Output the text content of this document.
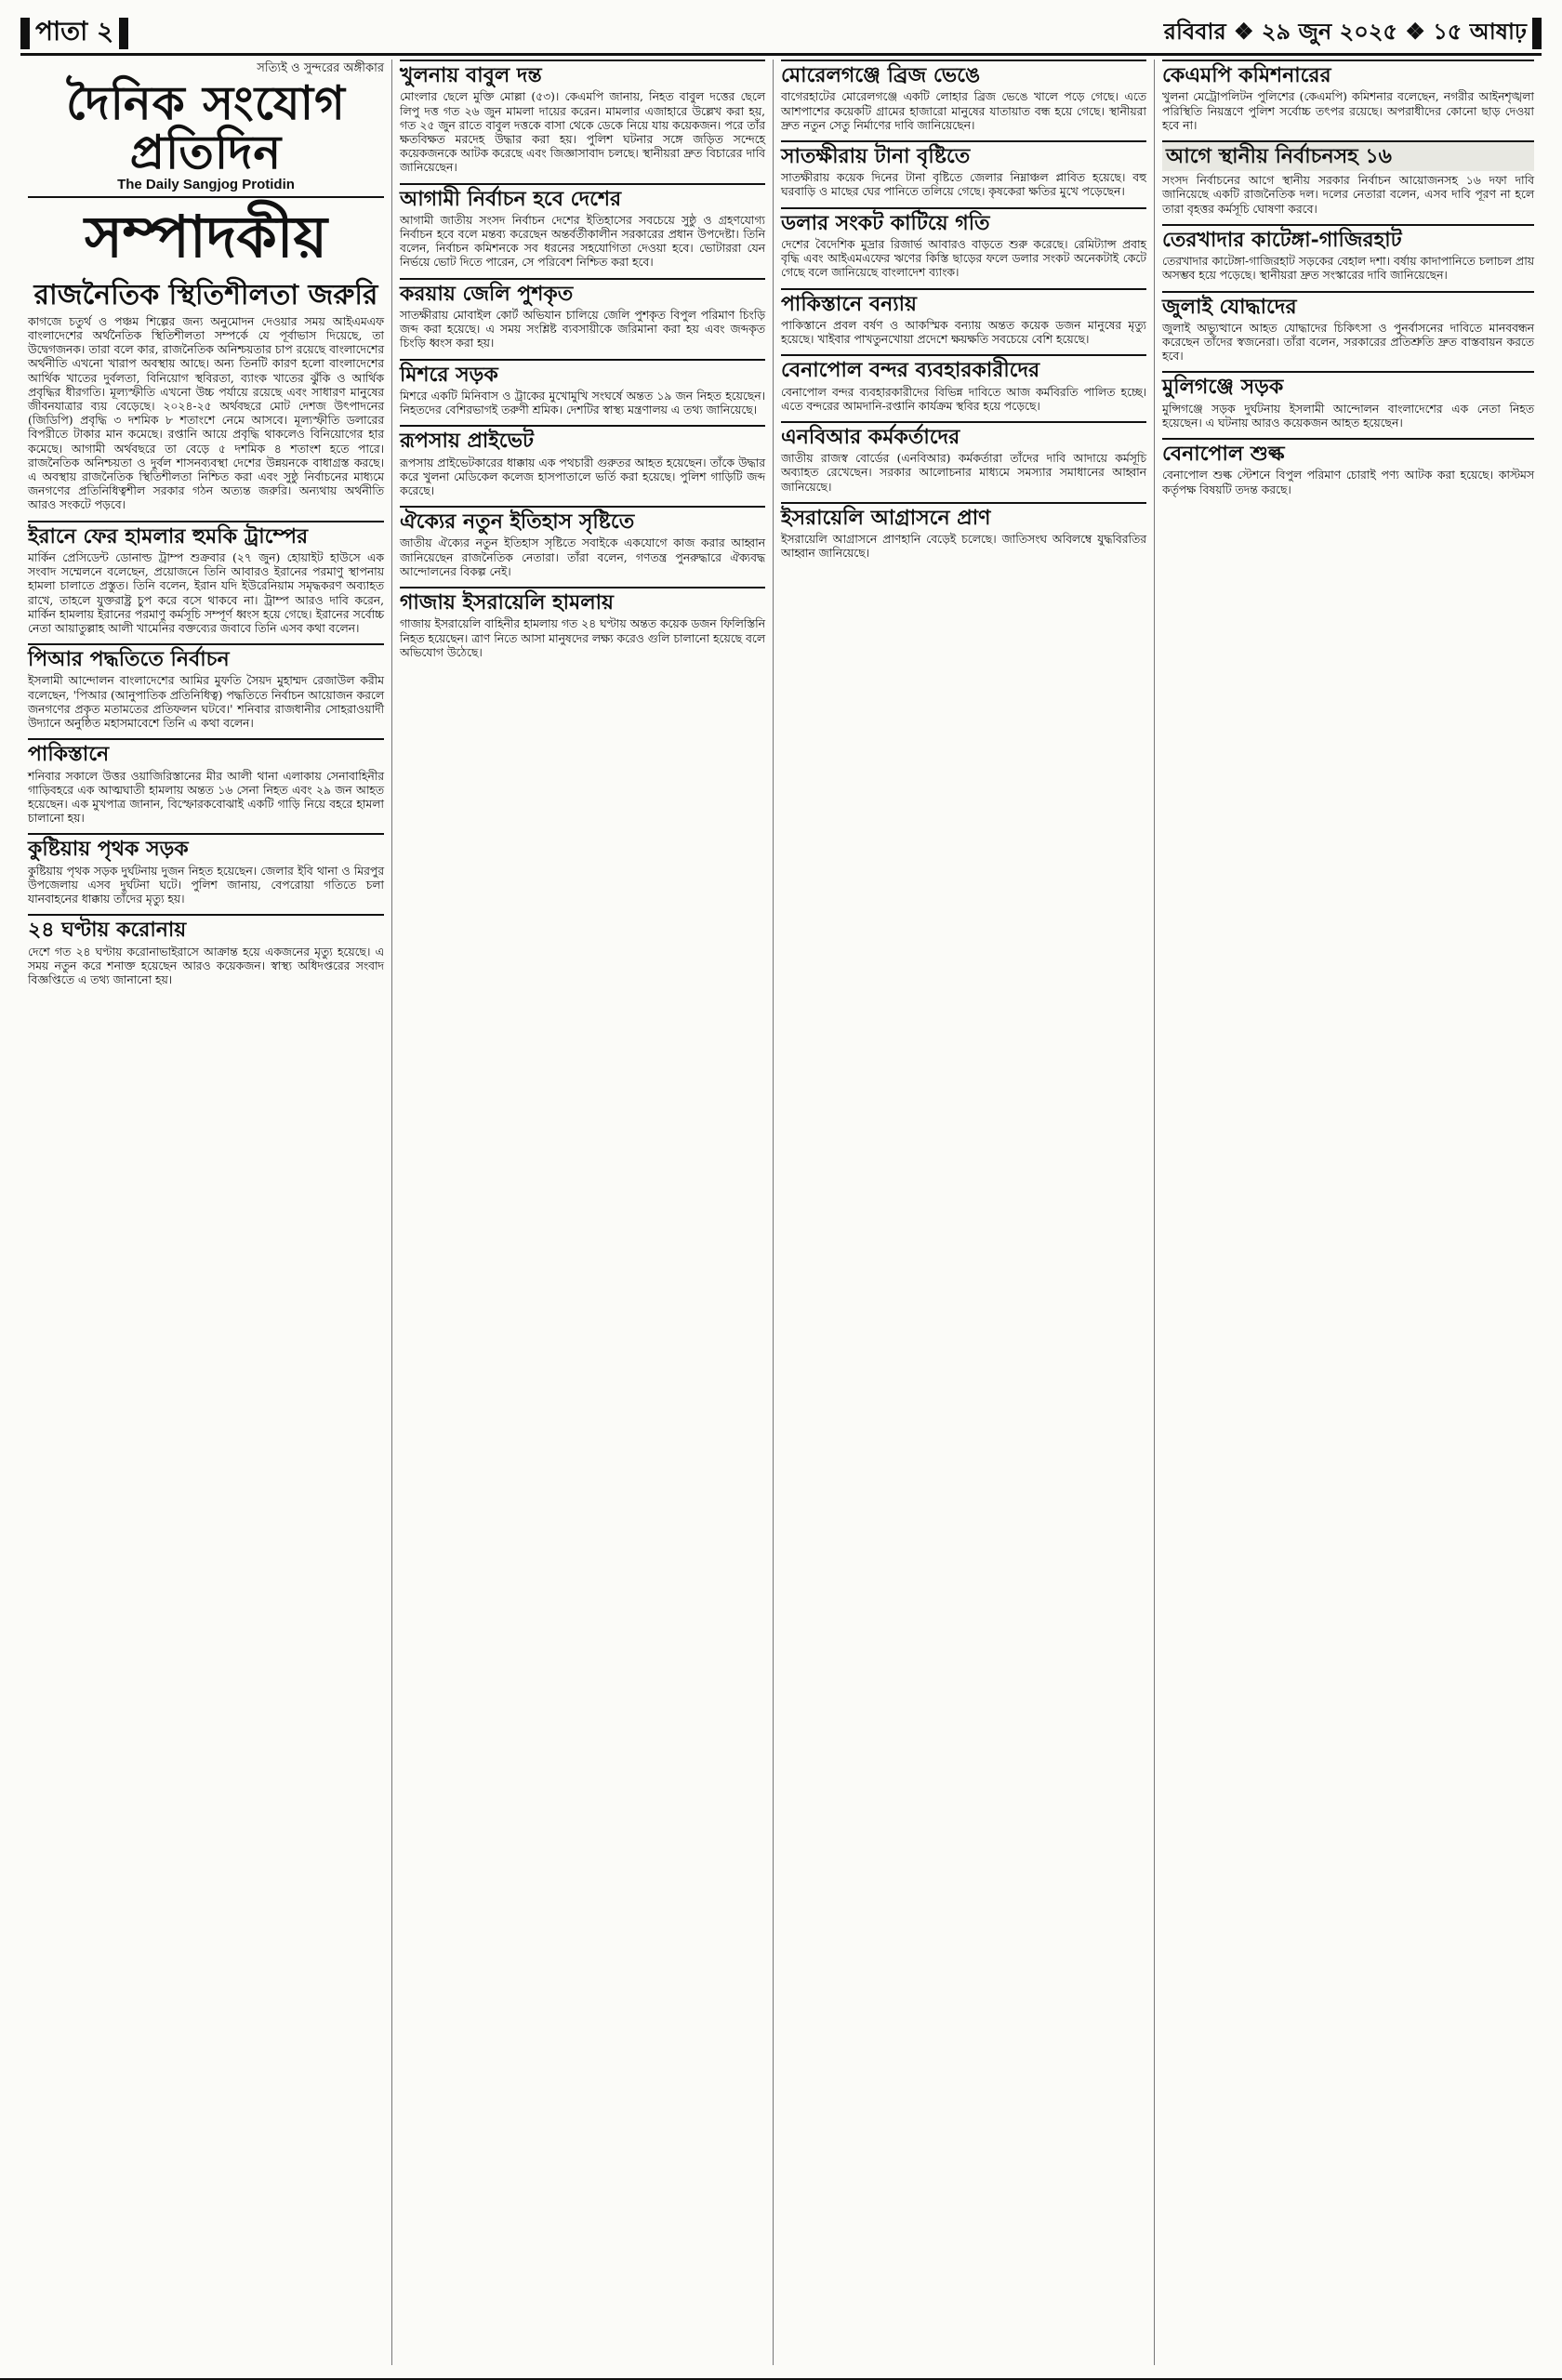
পাতা ২	রবিবার ❖ ২৯ জুন ২০২৫ ❖ ১৫ আষাঢ়
সত্যিই ও সুন্দরের অঙ্গীকার
দৈনিক সংযোগ প্রতিদিন
The Daily Sangjog Protidin
সম্পাদকীয়
রাজনৈতিক স্থিতিশীলতা জরুরি
কাগজে চতুর্থ ও পঞ্চম শিল্পের জন্য অনুমোদন দেওয়ার সময় আইএমএফ বাংলাদেশের অর্থনৈতিক স্থিতিশীলতা সম্পর্কে যে পূর্বাভাস দিয়েছে, তা উদ্বেগজনক। তারা বলে কার, রাজনৈতিক অনিশ্চয়তার চাপ রয়েছে বাংলাদেশের অর্থনীতি এখনো খারাপ অবস্থায় আছে। অন্য তিনটি কারণ হলো বাংলাদেশের আর্থিক খাতের দুর্বলতা, বিনিয়োগ স্থবিরতা, ব্যাংক খাতের ঝুঁকি ও আর্থিক প্রবৃদ্ধির ধীরগতি। মূল্যস্ফীতি এখনো উচ্চ পর্যায়ে রয়েছে এবং সাধারণ মানুষের জীবনযাত্রার ব্যয় বেড়েছে। ২০২৪-২৫ অর্থবছরে মোট দেশজ উৎপাদনের (জিডিপি) প্রবৃদ্ধি ৩ দশমিক ৮ শতাংশে নেমে আসবে। মূল্যস্ফীতি ডলারের বিপরীতে টাকার মান কমেছে। রপ্তানি আয়ে প্রবৃদ্ধি থাকলেও বিনিয়োগের হার কমেছে। আগামী অর্থবছরে তা বেড়ে ৫ দশমিক ৪ শতাংশ হতে পারে। রাজনৈতিক অনিশ্চয়তা ও দুর্বল শাসনব্যবস্থা দেশের উন্নয়নকে বাধাগ্রস্ত করছে। এ অবস্থায় রাজনৈতিক স্থিতিশীলতা নিশ্চিত করা এবং সুষ্ঠু নির্বাচনের মাধ্যমে জনগণের প্রতিনিধিত্বশীল সরকার গঠন অত্যন্ত জরুরি। অন্যথায় অর্থনীতি আরও সংকটে পড়বে।
ইরানে ফের হামলার হুমকি ট্রাম্পের
মার্কিন প্রেসিডেন্ট ডোনাল্ড ট্রাম্প শুক্রবার (২৭ জুন) হোয়াইট হাউসে এক সংবাদ সম্মেলনে বলেছেন, প্রয়োজনে তিনি আবারও ইরানের পরমাণু স্থাপনায় হামলা চালাতে প্রস্তুত। তিনি বলেন, ইরান যদি ইউরেনিয়াম সমৃদ্ধকরণ অব্যাহত রাখে, তাহলে যুক্তরাষ্ট্র চুপ করে বসে থাকবে না। ট্রাম্প আরও দাবি করেন, মার্কিন হামলায় ইরানের পরমাণু কর্মসূচি সম্পূর্ণ ধ্বংস হয়ে গেছে। ইরানের সর্বোচ্চ নেতা আয়াতুল্লাহ আলী খামেনির বক্তব্যের জবাবে তিনি এসব কথা বলেন।
পিআর পদ্ধতিতে নির্বাচন
ইসলামী আন্দোলন বাংলাদেশের আমির মুফতি সৈয়দ মুহাম্মদ রেজাউল করীম বলেছেন, 'পিআর (আনুপাতিক প্রতিনিধিত্ব) পদ্ধতিতে নির্বাচন আয়োজন করলে জনগণের প্রকৃত মতামতের প্রতিফলন ঘটবে।' শনিবার রাজধানীর সোহরাওয়ার্দী উদ্যানে অনুষ্ঠিত মহাসমাবেশে তিনি এ কথা বলেন।
পাকিস্তানে
শনিবার সকালে উত্তর ওয়াজিরিস্তানের মীর আলী থানা এলাকায় সেনাবাহিনীর গাড়িবহরে এক আত্মঘাতী হামলায় অন্তত ১৬ সেনা নিহত এবং ২৯ জন আহত হয়েছেন। এক মুখপাত্র জানান, বিস্ফোরকবোঝাই একটি গাড়ি নিয়ে বহরে হামলা চালানো হয়।
কুষ্টিয়ায় পৃথক সড়ক
কুষ্টিয়ায় পৃথক সড়ক দুর্ঘটনায় দুজন নিহত হয়েছেন। জেলার ইবি থানা ও মিরপুর উপজেলায় এসব দুর্ঘটনা ঘটে। পুলিশ জানায়, বেপরোয়া গতিতে চলা যানবাহনের ধাক্কায় তাঁদের মৃত্যু হয়।
২৪ ঘণ্টায় করোনায়
দেশে গত ২৪ ঘণ্টায় করোনাভাইরাসে আক্রান্ত হয়ে একজনের মৃত্যু হয়েছে। এ সময় নতুন করে শনাক্ত হয়েছেন আরও কয়েকজন। স্বাস্থ্য অধিদপ্তরের সংবাদ বিজ্ঞপ্তিতে এ তথ্য জানানো হয়।
খুলনায় বাবুল দন্ত
মোংলার ছেলে মুক্তি মোল্লা (৫৩)। কেএমপি জানায়, নিহত বাবুল দত্তের ছেলে লিপু দত্ত গত ২৬ জুন মামলা দায়ের করেন। মামলার এজাহারে উল্লেখ করা হয়, গত ২৫ জুন রাতে বাবুল দত্তকে বাসা থেকে ডেকে নিয়ে যায় কয়েকজন। পরে তাঁর ক্ষতবিক্ষত মরদেহ উদ্ধার করা হয়। পুলিশ ঘটনার সঙ্গে জড়িত সন্দেহে কয়েকজনকে আটক করেছে এবং জিজ্ঞাসাবাদ চলছে। স্থানীয়রা দ্রুত বিচারের দাবি জানিয়েছেন।
আগামী নির্বাচন হবে দেশের
আগামী জাতীয় সংসদ নির্বাচন দেশের ইতিহাসের সবচেয়ে সুষ্ঠু ও গ্রহণযোগ্য নির্বাচন হবে বলে মন্তব্য করেছেন অন্তর্বর্তীকালীন সরকারের প্রধান উপদেষ্টা। তিনি বলেন, নির্বাচন কমিশনকে সব ধরনের সহযোগিতা দেওয়া হবে। ভোটাররা যেন নির্ভয়ে ভোট দিতে পারেন, সে পরিবেশ নিশ্চিত করা হবে।
করয়ায় জেলি পুশকৃত
সাতক্ষীরায় মোবাইল কোর্ট অভিযান চালিয়ে জেলি পুশকৃত বিপুল পরিমাণ চিংড়ি জব্দ করা হয়েছে। এ সময় সংশ্লিষ্ট ব্যবসায়ীকে জরিমানা করা হয় এবং জব্দকৃত চিংড়ি ধ্বংস করা হয়।
মিশরে সড়ক
মিশরে একটি মিনিবাস ও ট্রাকের মুখোমুখি সংঘর্ষে অন্তত ১৯ জন নিহত হয়েছেন। নিহতদের বেশিরভাগই তরুণী শ্রমিক। দেশটির স্বাস্থ্য মন্ত্রণালয় এ তথ্য জানিয়েছে।
রূপসায় প্রাইভেট
রূপসায় প্রাইভেটকারের ধাক্কায় এক পথচারী গুরুতর আহত হয়েছেন। তাঁকে উদ্ধার করে খুলনা মেডিকেল কলেজ হাসপাতালে ভর্তি করা হয়েছে। পুলিশ গাড়িটি জব্দ করেছে।
ঐক্যের নতুন ইতিহাস সৃষ্টিতে
জাতীয় ঐক্যের নতুন ইতিহাস সৃষ্টিতে সবাইকে একযোগে কাজ করার আহ্বান জানিয়েছেন রাজনৈতিক নেতারা। তাঁরা বলেন, গণতন্ত্র পুনরুদ্ধারে ঐক্যবদ্ধ আন্দোলনের বিকল্প নেই।
গাজায় ইসরায়েলি হামলায়
গাজায় ইসরায়েলি বাহিনীর হামলায় গত ২৪ ঘণ্টায় অন্তত কয়েক ডজন ফিলিস্তিনি নিহত হয়েছেন। ত্রাণ নিতে আসা মানুষদের লক্ষ্য করেও গুলি চালানো হয়েছে বলে অভিযোগ উঠেছে।
মোরেলগঞ্জে ব্রিজ ভেঙে
বাগেরহাটের মোরেলগঞ্জে একটি লোহার ব্রিজ ভেঙে খালে পড়ে গেছে। এতে আশপাশের কয়েকটি গ্রামের হাজারো মানুষের যাতায়াত বন্ধ হয়ে গেছে। স্থানীয়রা দ্রুত নতুন সেতু নির্মাণের দাবি জানিয়েছেন।
সাতক্ষীরায় টানা বৃষ্টিতে
সাতক্ষীরায় কয়েক দিনের টানা বৃষ্টিতে জেলার নিম্নাঞ্চল প্লাবিত হয়েছে। বহু ঘরবাড়ি ও মাছের ঘের পানিতে তলিয়ে গেছে। কৃষকেরা ক্ষতির মুখে পড়েছেন।
ডলার সংকট কাটিয়ে গতি
দেশের বৈদেশিক মুদ্রার রিজার্ভ আবারও বাড়তে শুরু করেছে। রেমিট্যান্স প্রবাহ বৃদ্ধি এবং আইএমএফের ঋণের কিস্তি ছাড়ের ফলে ডলার সংকট অনেকটাই কেটে গেছে বলে জানিয়েছে বাংলাদেশ ব্যাংক।
পাকিস্তানে বন্যায়
পাকিস্তানে প্রবল বর্ষণ ও আকস্মিক বন্যায় অন্তত কয়েক ডজন মানুষের মৃত্যু হয়েছে। খাইবার পাখতুনখোয়া প্রদেশে ক্ষয়ক্ষতি সবচেয়ে বেশি হয়েছে।
বেনাপোল বন্দর ব্যবহারকারীদের
বেনাপোল বন্দর ব্যবহারকারীদের বিভিন্ন দাবিতে আজ কর্মবিরতি পালিত হচ্ছে। এতে বন্দরের আমদানি-রপ্তানি কার্যক্রম স্থবির হয়ে পড়েছে।
এনবিআর কর্মকর্তাদের
জাতীয় রাজস্ব বোর্ডের (এনবিআর) কর্মকর্তারা তাঁদের দাবি আদায়ে কর্মসূচি অব্যাহত রেখেছেন। সরকার আলোচনার মাধ্যমে সমস্যার সমাধানের আহ্বান জানিয়েছে।
ইসরায়েলি আগ্রাসনে প্রাণ
ইসরায়েলি আগ্রাসনে প্রাণহানি বেড়েই চলেছে। জাতিসংঘ অবিলম্বে যুদ্ধবিরতির আহ্বান জানিয়েছে।
কেএমপি কমিশনারের
খুলনা মেট্রোপলিটন পুলিশের (কেএমপি) কমিশনার বলেছেন, নগরীর আইনশৃঙ্খলা পরিস্থিতি নিয়ন্ত্রণে পুলিশ সর্বোচ্চ তৎপর রয়েছে। অপরাধীদের কোনো ছাড় দেওয়া হবে না।
আগে স্থানীয় নির্বাচনসহ ১৬
সংসদ নির্বাচনের আগে স্থানীয় সরকার নির্বাচন আয়োজনসহ ১৬ দফা দাবি জানিয়েছে একটি রাজনৈতিক দল। দলের নেতারা বলেন, এসব দাবি পূরণ না হলে তারা বৃহত্তর কর্মসূচি ঘোষণা করবে।
তেরখাদার কাটেঙ্গা-গাজিরহাট
তেরখাদার কাটেঙ্গা-গাজিরহাট সড়কের বেহাল দশা। বর্ষায় কাদাপানিতে চলাচল প্রায় অসম্ভব হয়ে পড়েছে। স্থানীয়রা দ্রুত সংস্কারের দাবি জানিয়েছেন।
জুলাই যোদ্ধাদের
জুলাই অভ্যুত্থানে আহত যোদ্ধাদের চিকিৎসা ও পুনর্বাসনের দাবিতে মানববন্ধন করেছেন তাঁদের স্বজনেরা। তাঁরা বলেন, সরকারের প্রতিশ্রুতি দ্রুত বাস্তবায়ন করতে হবে।
মুলিগঞ্জে সড়ক
মুন্সিগঞ্জে সড়ক দুর্ঘটনায় ইসলামী আন্দোলন বাংলাদেশের এক নেতা নিহত হয়েছেন। এ ঘটনায় আরও কয়েকজন আহত হয়েছেন।
বেনাপোল শুল্ক
বেনাপোল শুল্ক স্টেশনে বিপুল পরিমাণ চোরাই পণ্য আটক করা হয়েছে। কাস্টমস কর্তৃপক্ষ বিষয়টি তদন্ত করছে।
